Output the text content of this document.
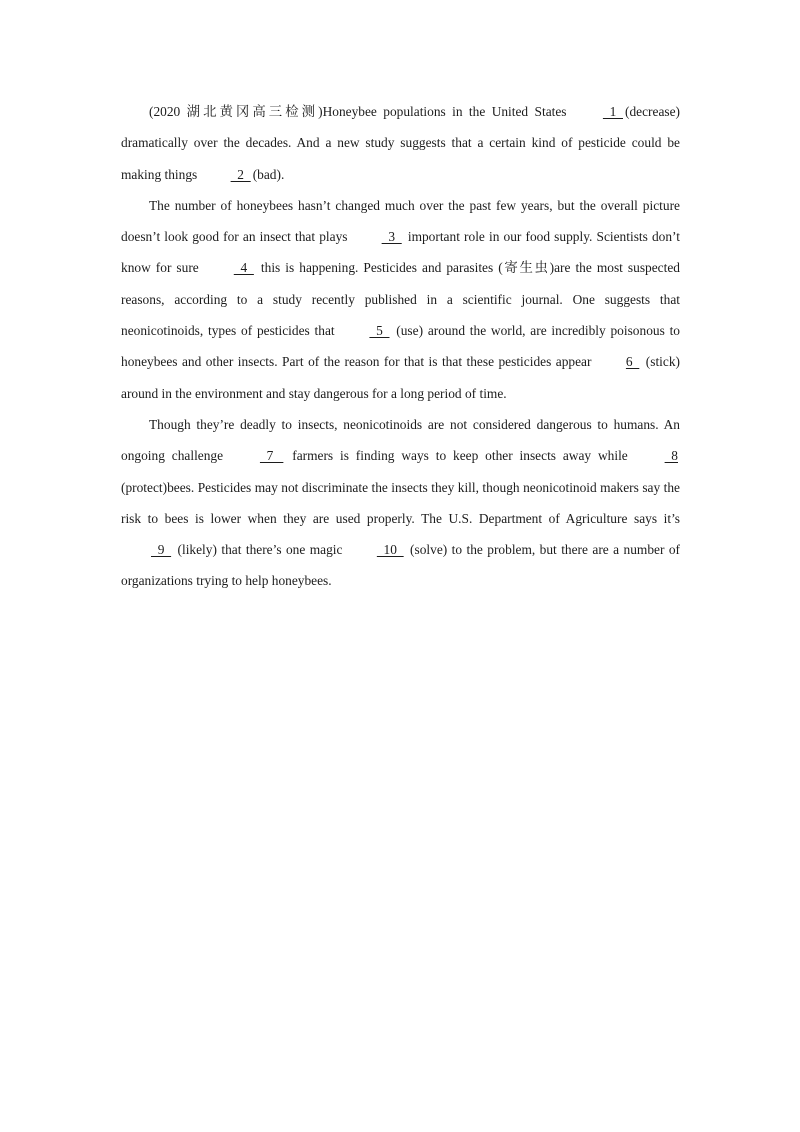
(2020 湖北黄冈高三检测)Honeybee populations in the United States   1  (decrease) dramatically over the decades. And a new study suggests that a certain kind of pesticide could be making things   2  (bad).

The number of honeybees hasn’t changed much over the past few years, but the overall picture doesn’t look good for an insect that plays   3   important role in our food supply. Scientists don’t know for sure   4   this is happening. Pesticides and parasites (寄生虫)are the most suspected reasons, according to a study recently published in a scientific journal. One suggests that neonicotinoids, types of pesticides that   5   (use) around the world, are incredibly poisonous to honeybees and other insects. Part of the reason for that is that these pesticides appear	6   (stick) around in the environment and stay dangerous for a long period of time.

Though they’re deadly to insects, neonicotinoids are not considered dangerous to humans. An ongoing challenge   7    farmers is finding ways to keep other insects away while   8 (protect)bees. Pesticides may not discriminate the insects they kill, though neonicotinoid makers say the risk to bees is lower when they are used properly. The U.S. Department of Agriculture says it’s   9   (likely) that there’s one magic   10   (solve) to the problem, but there are a number of organizations trying to help honeybees.
